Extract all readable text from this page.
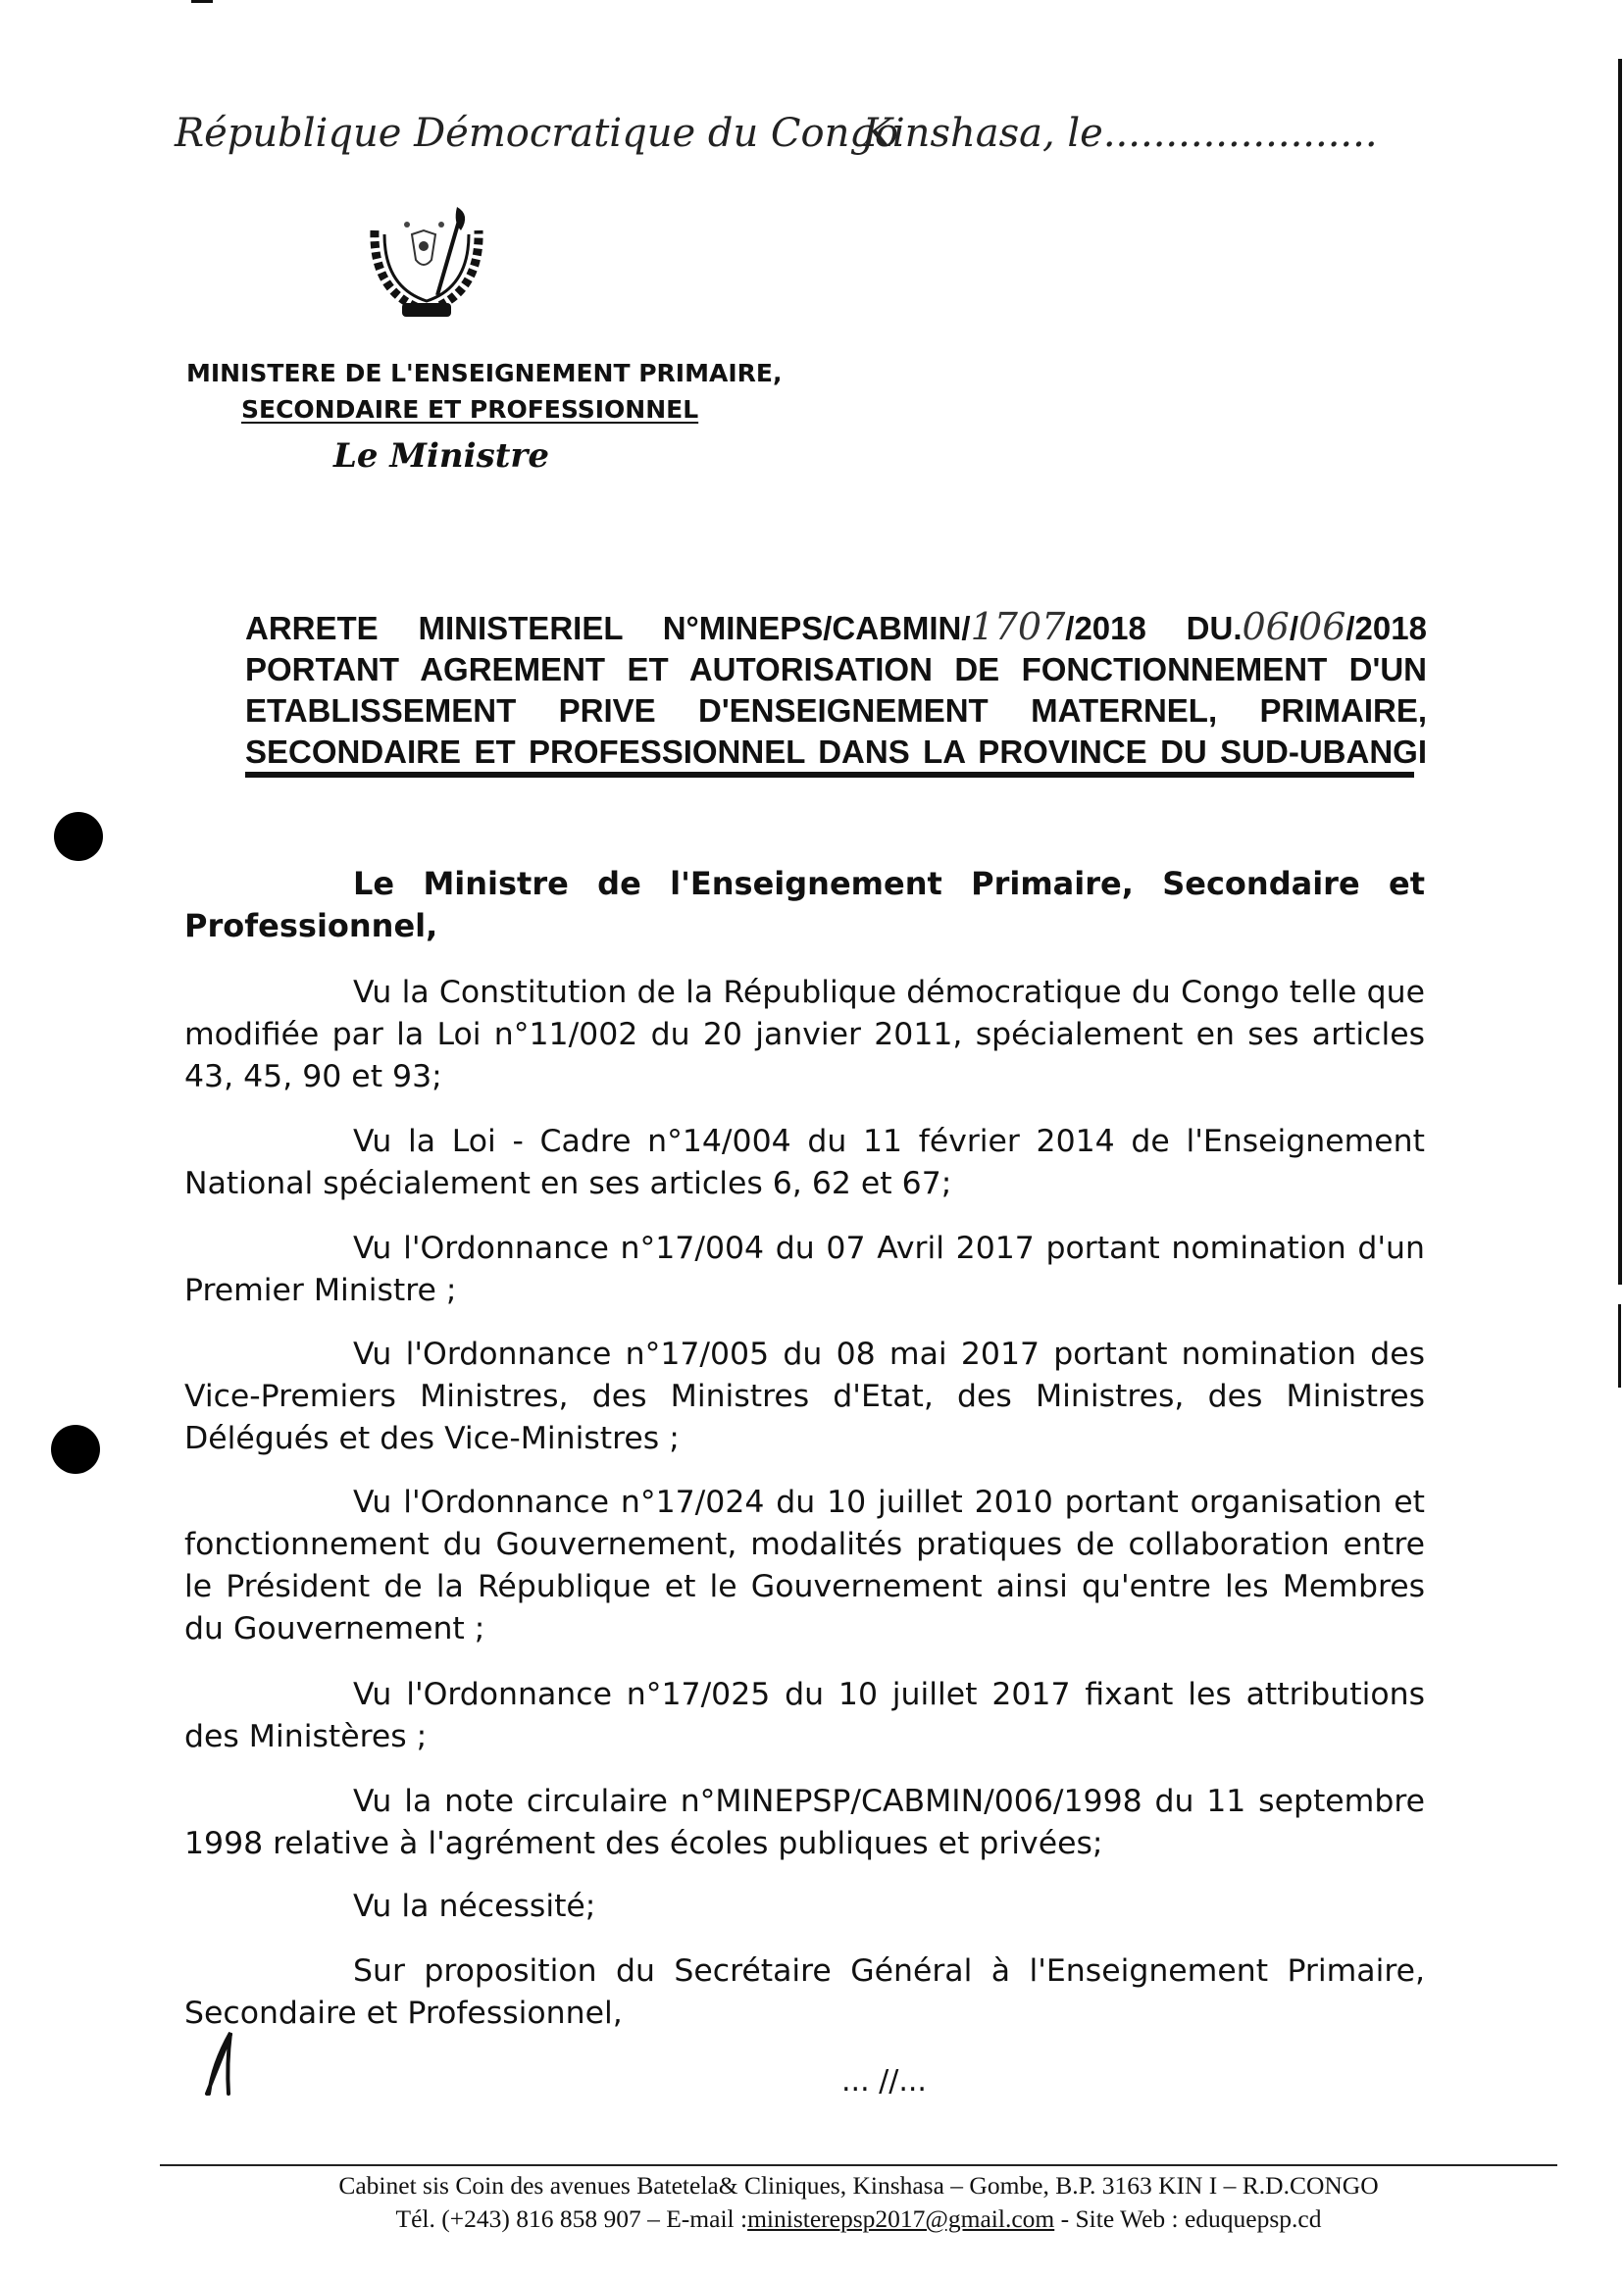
République Démocratique du Congo
Kinshasa, le......................
MINISTERE DE L'ENSEIGNEMENT PRIMAIRE,
SECONDAIRE ET PROFESSIONNEL
Le Ministre
ARRETE MINISTERIEL N°MINEPS/CABMIN/1707/2018 DU.06/06/2018
PORTANT AGREMENT ET AUTORISATION DE FONCTIONNEMENT D'UN
ETABLISSEMENT PRIVE D'ENSEIGNEMENT MATERNEL, PRIMAIRE,
SECONDAIRE ET PROFESSIONNEL DANS LA PROVINCE DU SUD-UBANGI

Le Ministre de l'Enseignement Primaire, Secondaire et Professionnel,

Vu la Constitution de la République démocratique du Congo telle que modifiée par la Loi n°11/002 du 20 janvier 2011, spécialement en ses articles 43, 45, 90 et 93;

Vu la Loi - Cadre n°14/004 du 11 février 2014 de l'Enseignement National spécialement en ses articles 6, 62 et 67;

Vu l'Ordonnance n°17/004 du 07 Avril 2017 portant nomination d'un Premier Ministre ;

Vu l'Ordonnance n°17/005 du 08 mai 2017 portant nomination des Vice-Premiers Ministres, des Ministres d'Etat, des Ministres, des Ministres Délégués et des Vice-Ministres ;

Vu l'Ordonnance n°17/024 du 10 juillet 2010 portant organisation et fonctionnement du Gouvernement, modalités pratiques de collaboration entre le Président de la République et le Gouvernement ainsi qu'entre les Membres du Gouvernement ;

Vu l'Ordonnance n°17/025 du 10 juillet 2017 fixant les attributions des Ministères ;

Vu la note circulaire n°MINEPSP/CABMIN/006/1998 du 11 septembre 1998 relative à l'agrément des écoles publiques et privées;

Vu la nécessité;

Sur proposition du Secrétaire Général à l'Enseignement Primaire, Secondaire et Professionnel,

... //...
Cabinet sis Coin des avenues Batetela& Cliniques, Kinshasa – Gombe, B.P. 3163 KIN I – R.D.CONGO
Tél. (+243) 816 858 907 – E-mail :ministerepsp2017@gmail.com - Site Web : eduquepsp.cd
